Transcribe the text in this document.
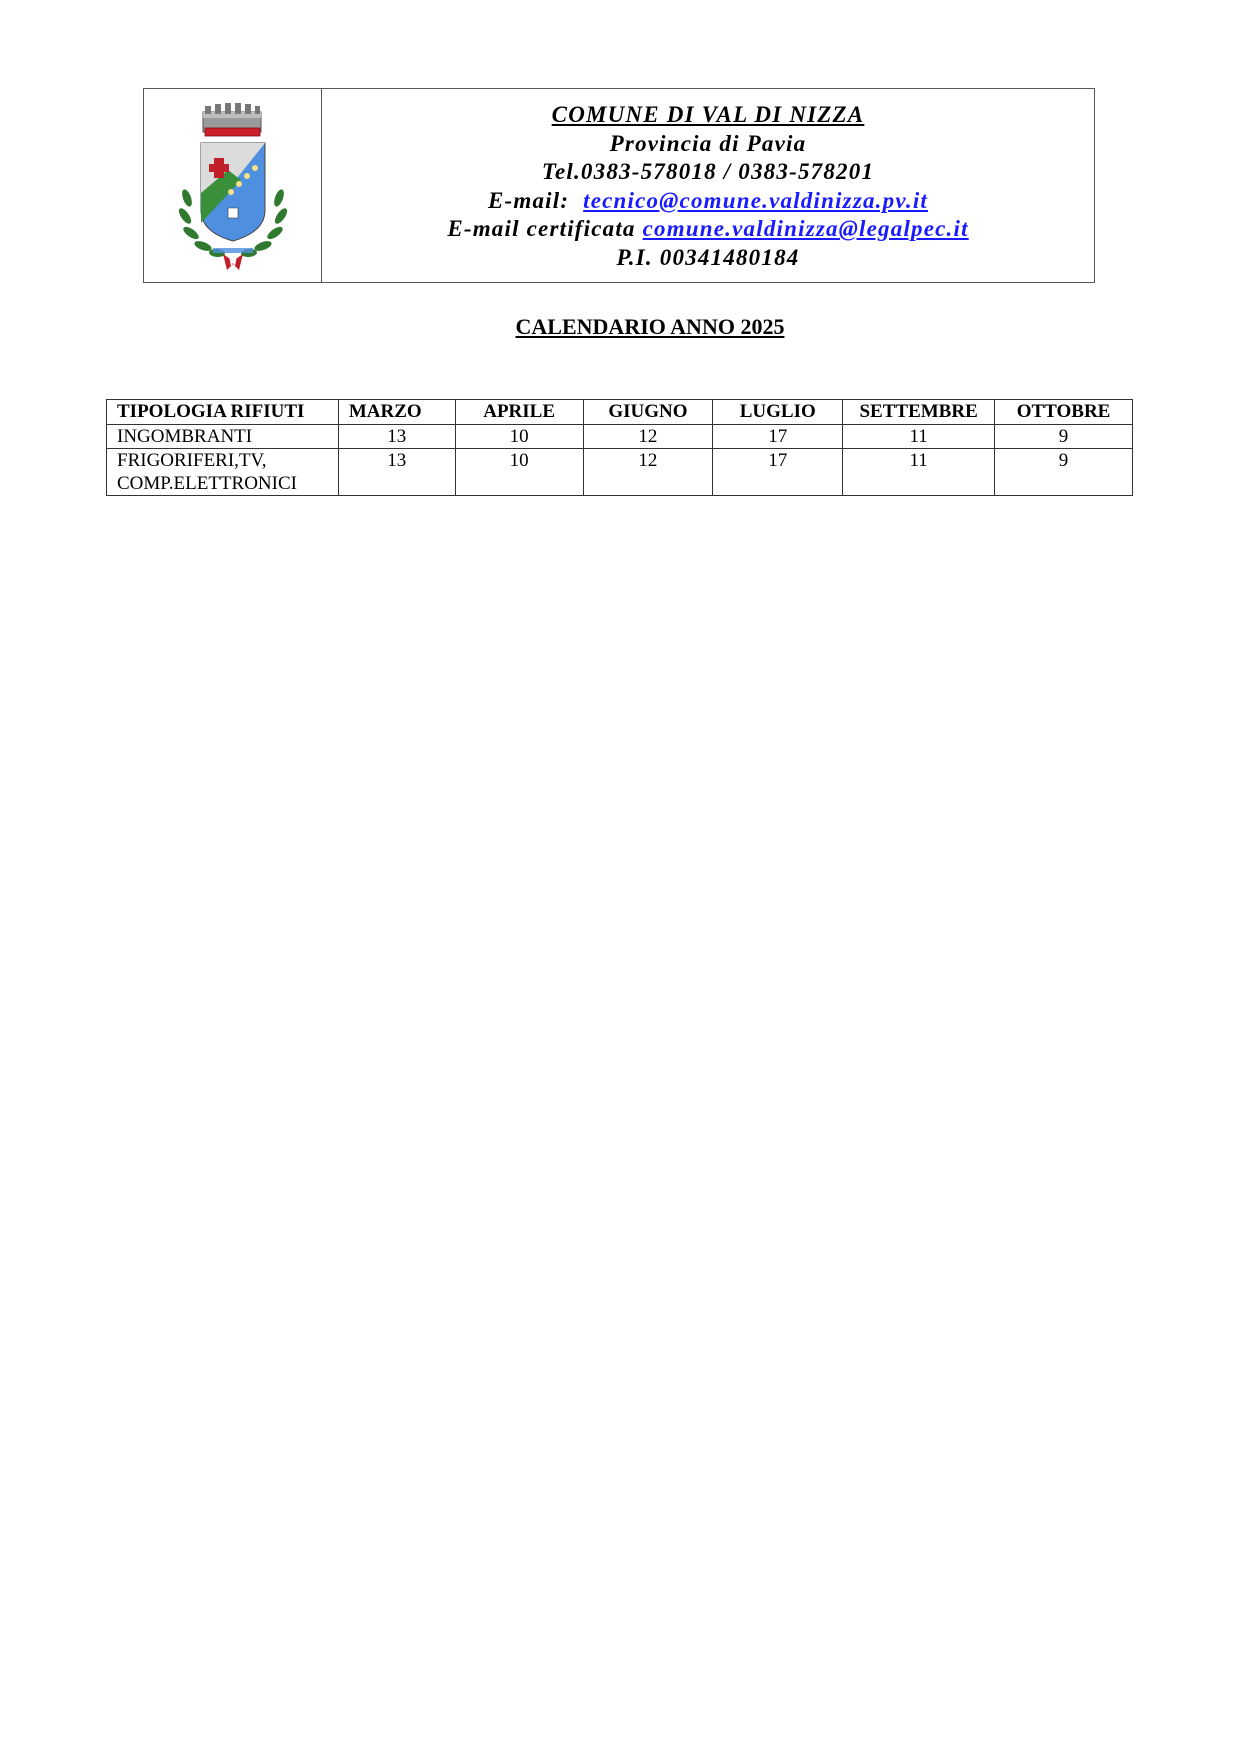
COMUNE DI VAL DI NIZZA
Provincia di Pavia
Tel.0383-578018 / 0383-578201
E-mail: tecnico@comune.valdinizza.pv.it
E-mail certificata comune.valdinizza@legalpec.it
P.I. 00341480184
CALENDARIO ANNO 2025
TIPOLOGIA RIFIUTI	MARZO	APRILE	GIUGNO	LUGLIO	SETTEMBRE	OTTOBRE
INGOMBRANTI	13	10	12	17	11	9

FRIGORIFERI,TV,
COMP.ELETTRONICI	13	10	12	17	11	9
